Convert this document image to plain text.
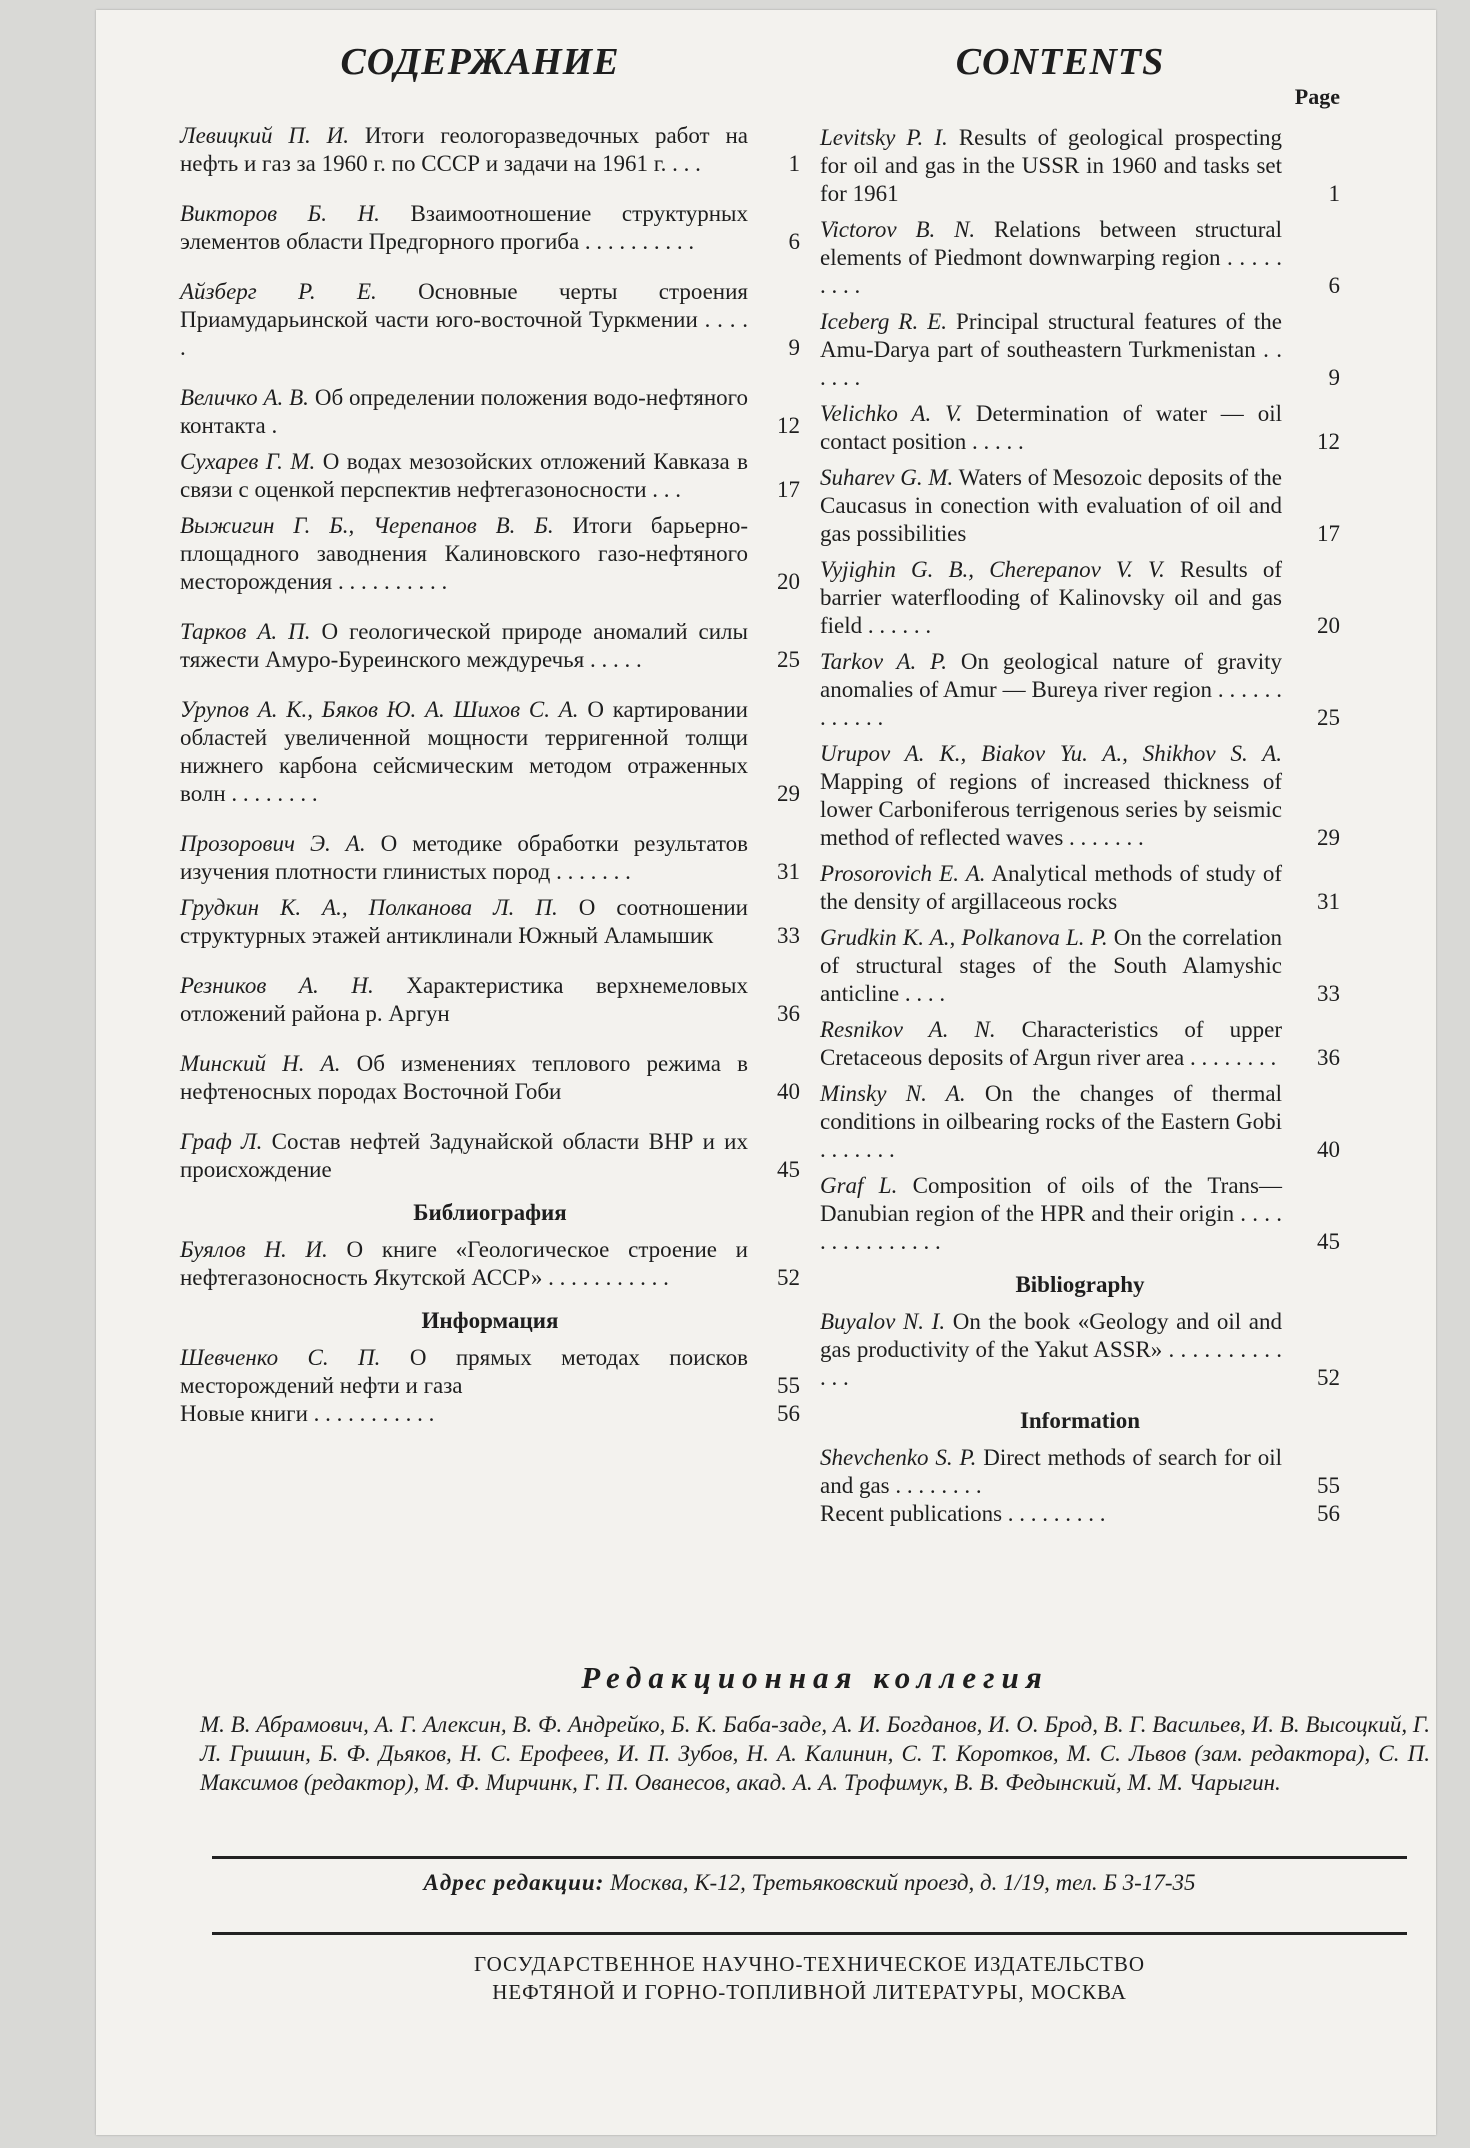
СОДЕРЖАНИЕ
Левицкий П. И. Итоги геологоразведочных работ на нефть и газ за 1960 г. по СССР и задачи на 1961 г. . . .	1
Викторов Б. Н. Взаимоотношение структурных элементов области Предгорного прогиба . . . . . . . . . .	6
Айзберг Р. Е. Основные черты строения Приамударьинской части юго-восточной Туркмении . . . . .	9
Величко А. В. Об определении положения водо-нефтяного контакта .	12
Сухарев Г. М. О водах мезозойских отложений Кавказа в связи с оценкой перспектив нефтегазоносности . . .	17
Выжигин Г. Б., Черепанов В. Б. Итоги барьерно-площадного заводнения Калиновского газо-нефтяного месторождения . . . . . . . . . .	20
Тарков А. П. О геологической природе аномалий силы тяжести Амуро-Буреинского междуречья . . . . .	25
Урупов А. К., Бяков Ю. А. Шихов С. А. О картировании областей увеличенной мощности терригенной толщи нижнего карбона сейсмическим методом отраженных волн . . . . . . . .	29
Прозорович Э. А. О методике обработки результатов изучения плотности глинистых пород . . . . . . .	31
Грудкин К. А., Полканова Л. П. О соотношении структурных этажей антиклинали Южный Аламышик	33
Резников А. Н. Характеристика верхнемеловых отложений района р. Аргун	36
Минский Н. А. Об изменениях теплового режима в нефтеносных породах Восточной Гоби	40
Граф Л. Состав нефтей Задунайской области ВНР и их происхождение	45
Библиография
Буялов Н. И. О книге «Геологическое строение и нефтегазоносность Якутской АССР» . . . . . . . . . . .	52
Информация
Шевченко С. П. О прямых методах поисков месторождений нефти и газа	55
Новые книги . . . . . . . . . . .	56
CONTENTS
Page
Levitsky P. I. Results of geological prospecting for oil and gas in the USSR in 1960 and tasks set for 1961	1
Victorov B. N. Relations between structural elements of Piedmont downwarping region . . . . . . . . .	6
Iceberg R. E. Principal structural features of the Amu-Darya part of southeastern Turkmenistan . . . . . .	9
Velichko A. V. Determination of water — oil contact position . . . . .	12
Suharev G. M. Waters of Mesozoic deposits of the Caucasus in conection with evaluation of oil and gas possibilities	17
Vyjighin G. B., Cherepanov V. V. Results of barrier waterflooding of Kalinovsky oil and gas field . . . . . .	20
Tarkov A. P. On geological nature of gravity anomalies of Amur — Bureya river region . . . . . . . . . . . .	25
Urupov A. K., Biakov Yu. A., Shikhov S. A. Mapping of regions of increased thickness of lower Carboniferous terrigenous series by seismic method of reflected waves . . . . . . .	29
Prosorovich E. A. Analytical methods of study of the density of argillaceous rocks	31
Grudkin K. A., Polkanova L. P. On the correlation of structural stages of the South Alamyshic anticline . . . .	33
Resnikov A. N. Characteristics of upper Cretaceous deposits of Argun river area . . . . . . . .	36
Minsky N. A. On the changes of thermal conditions in oilbearing rocks of the Eastern Gobi . . . . . . .	40
Graf L. Composition of oils of the Trans—Danubian region of the HPR and their origin . . . . . . . . . . . . . . .	45
Bibliography
Buyalov N. I. On the book «Geology and oil and gas productivity of the Yakut ASSR» . . . . . . . . . . . . .	52
Information
Shevchenko S. P. Direct methods of search for oil and gas . . . . . . . .	55
Recent publications . . . . . . . . .	56
Редакционная коллегия
М. В. Абрамович, А. Г. Алексин, В. Ф. Андрейко, Б. К. Баба-заде, А. И. Богданов, И. О. Брод, В. Г. Васильев, И. В. Высоцкий, Г. Л. Гришин, Б. Ф. Дьяков, Н. С. Ерофеев, И. П. Зубов, Н. А. Калинин, С. Т. Коротков, М. С. Львов (зам. редактора), С. П. Максимов (редактор), М. Ф. Мирчинк, Г. П. Ованесов, акад. А. А. Трофимук, В. В. Федынский, М. М. Чарыгин.
Адрес редакции: Москва, К-12, Третьяковский проезд, д. 1/19, тел. Б 3-17-35
ГОСУДАРСТВЕННОЕ НАУЧНО-ТЕХНИЧЕСКОЕ ИЗДАТЕЛЬСТВО
НЕФТЯНОЙ И ГОРНО-ТОПЛИВНОЙ ЛИТЕРАТУРЫ, МОСКВА
